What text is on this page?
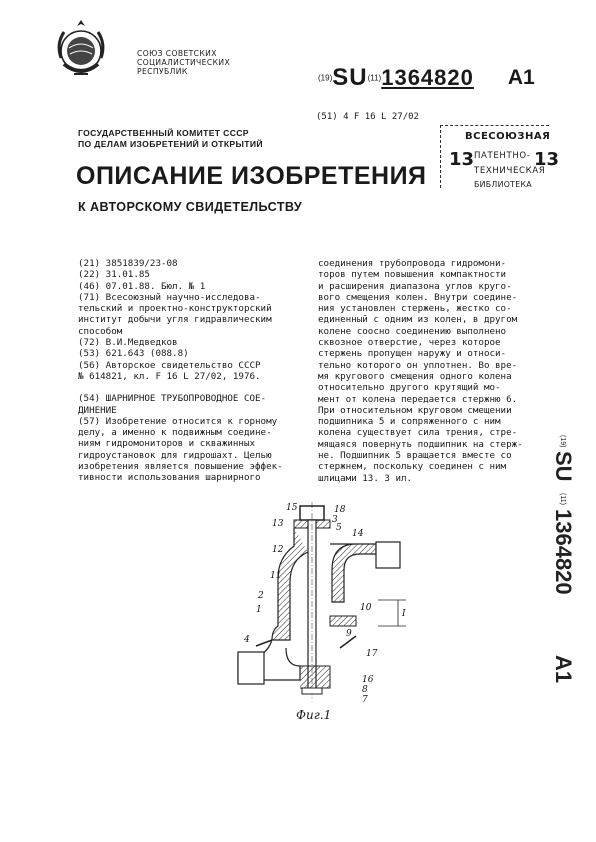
СОЮЗ СОВЕТСКИХ
СОЦИАЛИСТИЧЕСКИХ
РЕСПУБЛИК
(19)SU(11)1364820 A1
(51) 4 F 16 L 27/02
ВСЕСОЮЗНАЯ
13 ПАТЕНТНО- 13
ТЕХНИЧЕСКАЯ
БИБЛИОТЕКА
ГОСУДАРСТВЕННЫЙ КОМИТЕТ СССР
ПО ДЕЛАМ ИЗОБРЕТЕНИЙ И ОТКРЫТИЙ
ОПИСАНИЕ ИЗОБРЕТЕНИЯ
К АВТОРСКОМУ СВИДЕТЕЛЬСТВУ
(21) 3851839/23-08
(22) 31.01.85
(46) 07.01.88. Бюл. № 1
(71) Всесоюзный научно-исследова-
тельский и проектно-конструкторский
институт добычи угля гидравлическим
способом
(72) В.И.Медведков
(53) 621.643 (088.8)
(56) Авторское свидетельство СССР
№ 614821, кл. F 16 L 27/02, 1976.
(54) ШАРНИРНОЕ ТРУБОПРОВОДНОЕ СОЕ-
ДИНЕНИЕ
(57) Изобретение относится к горному
делу, а именно к подвижным соедине-
ниям гидромониторов и скважинных
гидроустановок для гидрошахт. Целью
изобретения является повышение эффек-
тивности использования шарнирного
соединения трубопровода гидромони-
торов путем повышения компактности
и расширения диапазона углов круго-
вого смещения колен. Внутри соедине-
ния установлен стержень, жестко со-
единенный с одним из колен, в другом
колене соосно соединению выполнено
сквозное отверстие, через которое
стержень пропущен наружу и относи-
тельно которого он уплотнен. Во вре-
мя кругового смещения одного колена
относительно другого крутящий мо-
мент от колена передается стержню 6.
При относительном круговом смещении
подшипника 5 и сопряженного с ним
колена существует сила трения, стре-
мящаяся повернуть подшипник на стерж-
не. Подшипник 5 вращается вместе со
стержнем, поскольку соединен с ним
шлицами 13. 3 ил.
(19)
SU
(11)
1364820
A1
15	18
3
5
14
13
12
11
2
1
4
10
17
9
16
8
7
I
Фиг.1
